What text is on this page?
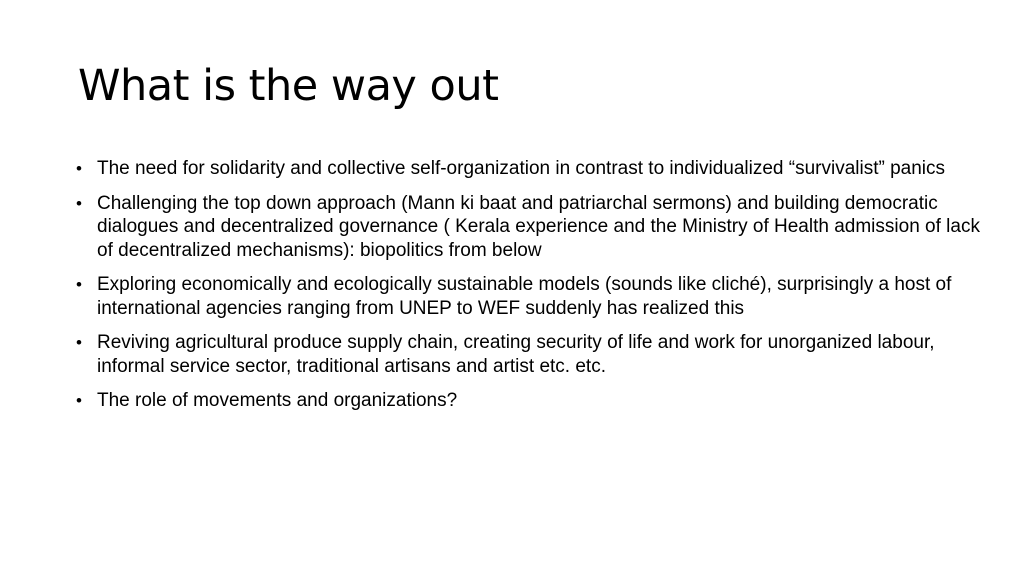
What is the way out
• The need for solidarity and collective self-organization in contrast to individualized “survivalist” panics
• Challenging the top down approach (Mann ki baat and patriarchal sermons) and building democratic dialogues and decentralized governance ( Kerala experience and the Ministry of Health admission of lack of decentralized mechanisms): biopolitics from below
• Exploring economically and ecologically sustainable models (sounds like cliché), surprisingly a host of international agencies ranging from UNEP to WEF suddenly has realized this
• Reviving agricultural produce supply chain, creating security of life and work for unorganized labour, informal service sector, traditional artisans and artist etc. etc.
• The role of movements and organizations?
